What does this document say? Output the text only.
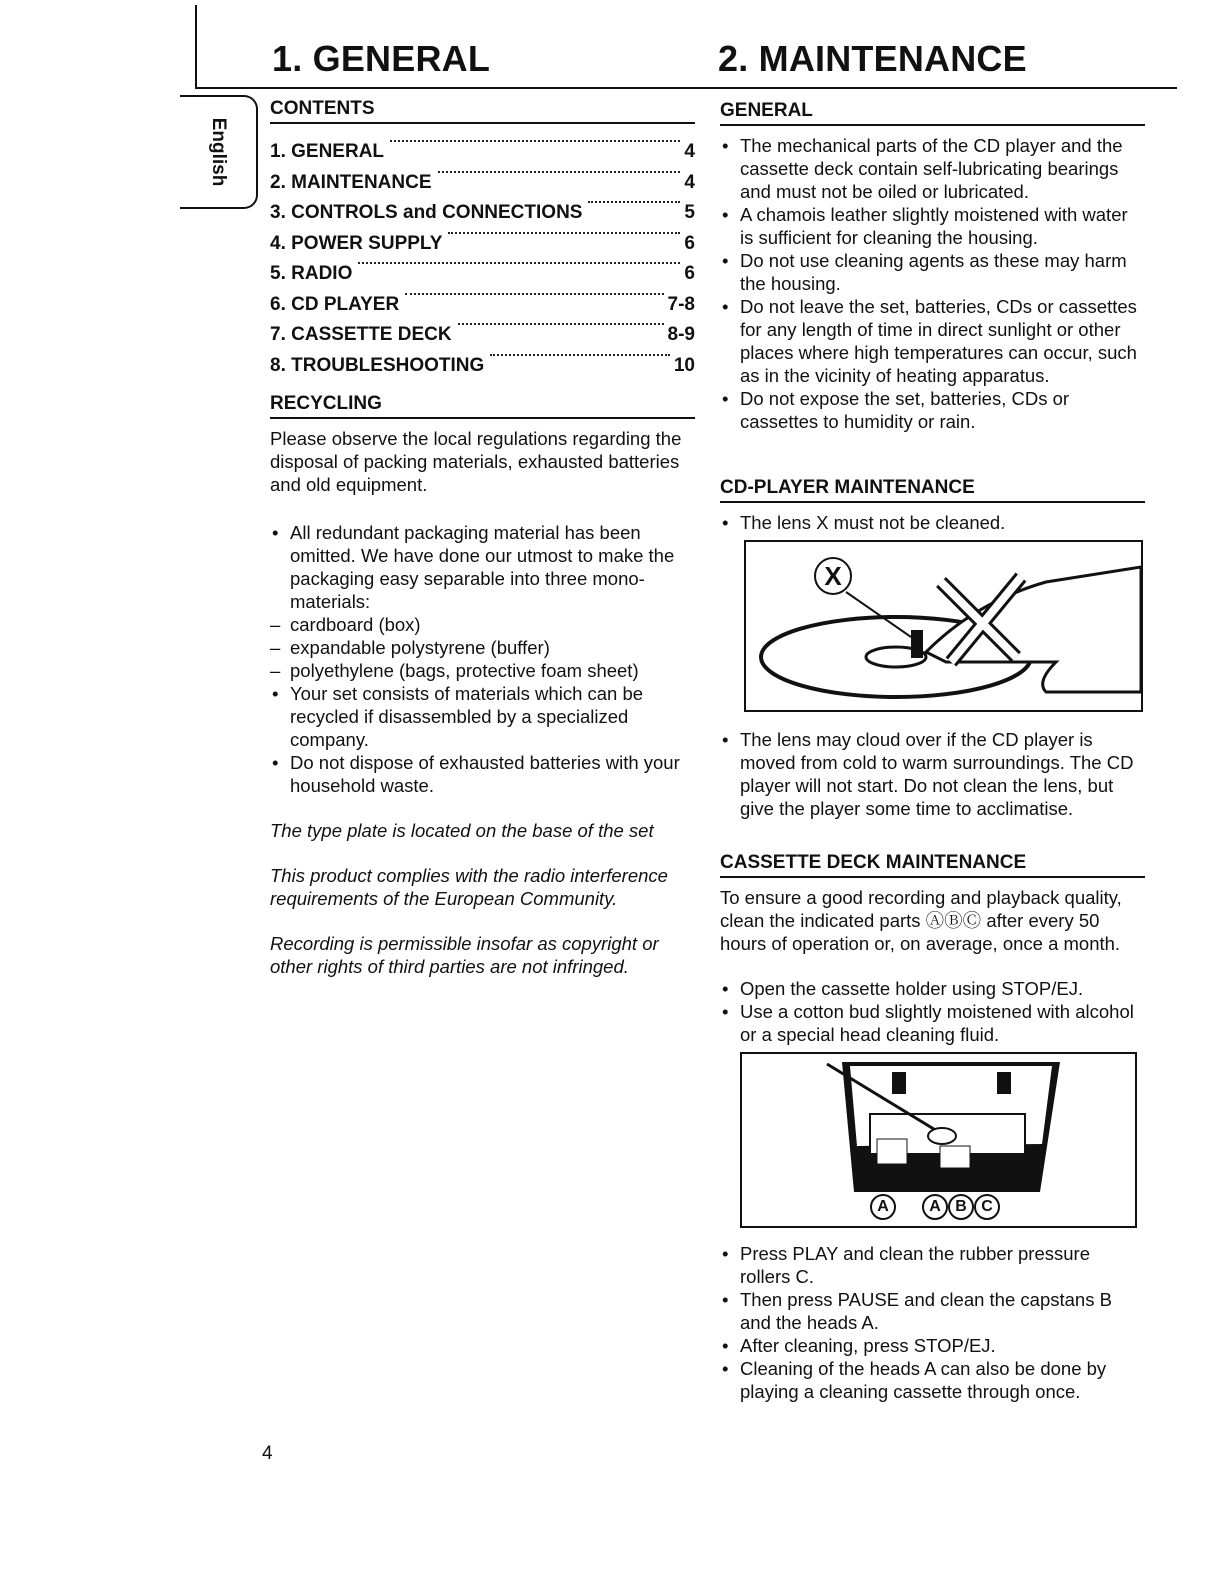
1. GENERAL	2. MAINTENANCE
English
CONTENTS
1. GENERAL	4
2. MAINTENANCE	4
3. CONTROLS and CONNECTIONS	5
4. POWER SUPPLY	6
5. RADIO	6
6. CD PLAYER	7-8
7. CASSETTE DECK	8-9
8. TROUBLESHOOTING	10
RECYCLING

Please observe the local regulations regarding the disposal of packing materials, exhausted batteries and old equipment.

• All redundant packaging material has been omitted. We have done our utmost to make the packaging easy separable into three mono-materials:
– cardboard (box)
– expandable polystyrene (buffer)
– polyethylene (bags, protective foam sheet)
• Your set consists of materials which can be recycled if disassembled by a specialized company.
• Do not dispose of exhausted batteries with your household waste.

The type plate is located on the base of the set

This product complies with the radio interference requirements of the European Community.

Recording is permissible insofar as copyright or other rights of third parties are not infringed.

GENERAL
• The mechanical parts of the CD player and the cassette deck contain self-lubricating bearings and must not be oiled or lubricated.
• A chamois leather slightly moistened with water is sufficient for cleaning the housing.
• Do not use cleaning agents as these may harm the housing.
• Do not leave the set, batteries, CDs or cassettes for any length of time in direct sunlight or other places where high temperatures can occur, such as in the vicinity of heating apparatus.
• Do not expose the set, batteries, CDs or cassettes to humidity or rain.
CD-PLAYER MAINTENANCE
• The lens X must not be cleaned.
X
• The lens may cloud over if the CD player is moved from cold to warm surroundings. The CD player will not start. Do not clean the lens, but give the player some time to acclimatise.
CASSETTE DECK MAINTENANCE

To ensure a good recording and playback quality, clean the indicated parts ⒶⒷⒸ after every 50 hours of operation or, on average, once a month.

• Open the cassette holder using STOP/EJ.
• Use a cotton bud slightly moistened with alcohol or a special head cleaning fluid.
A	A B C
• Press PLAY and clean the rubber pressure rollers C.
• Then press PAUSE and clean the capstans B and the heads A.
• After cleaning, press STOP/EJ.
• Cleaning of the heads A can also be done by playing a cleaning cassette through once.
4
